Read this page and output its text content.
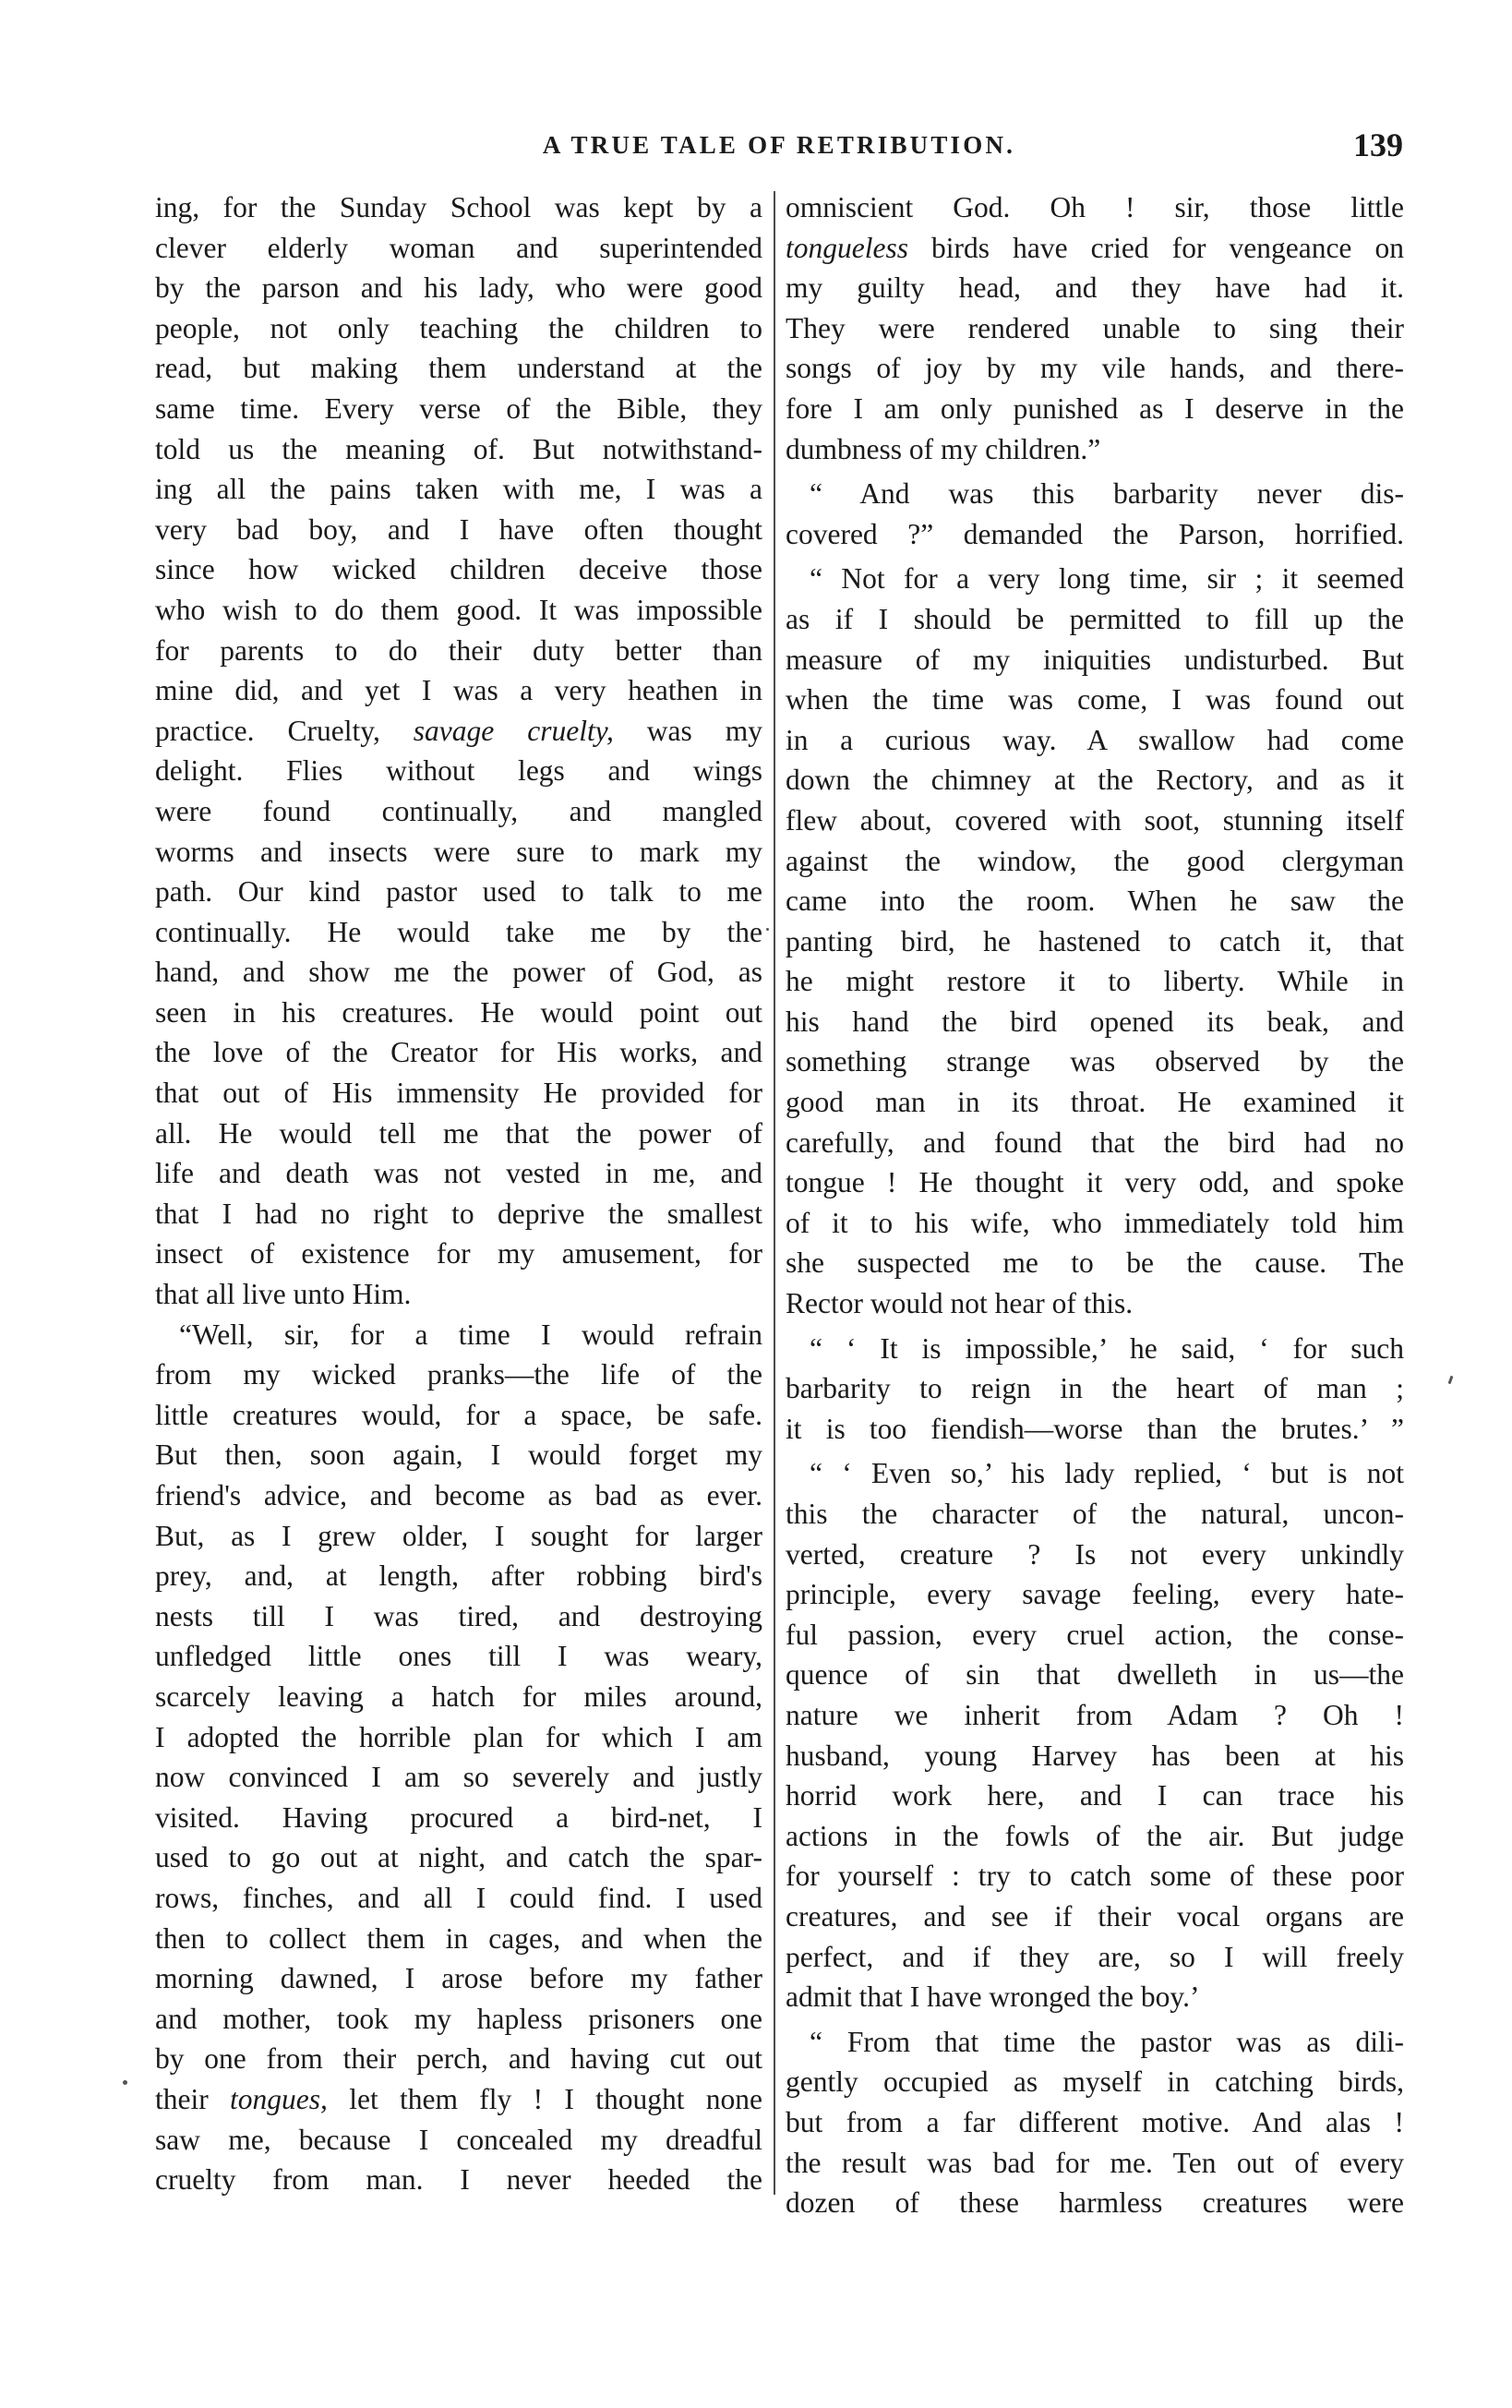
A TRUE TALE OF RETRIBUTION.	139
ing, for the Sunday School was kept by a
clever elderly woman and superintended
by the parson and his lady, who were good
people, not only teaching the children to
read, but making them understand at the
same time. Every verse of the Bible, they
told us the meaning of. But notwithstand-
ing all the pains taken with me, I was a
very bad boy, and I have often thought
since how wicked children deceive those
who wish to do them good. It was impossible
for parents to do their duty better than
mine did, and yet I was a very heathen in
practice. Cruelty, savage cruelty, was my
delight. Flies without legs and wings
were found continually, and mangled
worms and insects were sure to mark my
path. Our kind pastor used to talk to me
continually. He would take me by the
hand, and show me the power of God, as
seen in his creatures. He would point out
the love of the Creator for His works, and
that out of His immensity He provided for
all. He would tell me that the power of
life and death was not vested in me, and
that I had no right to deprive the smallest
insect of existence for my amusement, for
that all live unto Him.
“Well, sir, for a time I would refrain
from my wicked pranks—the life of the
little creatures would, for a space, be safe.
But then, soon again, I would forget my
friend's advice, and become as bad as ever.
But, as I grew older, I sought for larger
prey, and, at length, after robbing bird's
nests till I was tired, and destroying
unfledged little ones till I was weary,
scarcely leaving a hatch for miles around,
I adopted the horrible plan for which I am
now convinced I am so severely and justly
visited. Having procured a bird-net, I
used to go out at night, and catch the spar-
rows, finches, and all I could find. I used
then to collect them in cages, and when the
morning dawned, I arose before my father
and mother, took my hapless prisoners one
by one from their perch, and having cut out
their tongues, let them fly ! I thought none
saw me, because I concealed my dreadful
cruelty from man. I never heeded the
omniscient God. Oh ! sir, those little
tongueless birds have cried for vengeance on
my guilty head, and they have had it.
They were rendered unable to sing their
songs of joy by my vile hands, and there-
fore I am only punished as I deserve in the
dumbness of my children.”
“ And was this barbarity never dis-
covered ?” demanded the Parson, horrified.
“ Not for a very long time, sir ; it seemed
as if I should be permitted to fill up the
measure of my iniquities undisturbed. But
when the time was come, I was found out
in a curious way. A swallow had come
down the chimney at the Rectory, and as it
flew about, covered with soot, stunning itself
against the window, the good clergyman
came into the room. When he saw the
panting bird, he hastened to catch it, that
he might restore it to liberty. While in
his hand the bird opened its beak, and
something strange was observed by the
good man in its throat. He examined it
carefully, and found that the bird had no
tongue ! He thought it very odd, and spoke
of it to his wife, who immediately told him
she suspected me to be the cause. The
Rector would not hear of this.
“ ‘ It is impossible,’ he said, ‘ for such
barbarity to reign in the heart of man ;
it is too fiendish—worse than the brutes.’ ”
“ ‘ Even so,’ his lady replied, ‘ but is not
this the character of the natural, uncon-
verted, creature ? Is not every unkindly
principle, every savage feeling, every hate-
ful passion, every cruel action, the conse-
quence of sin that dwelleth in us—the
nature we inherit from Adam ? Oh !
husband, young Harvey has been at his
horrid work here, and I can trace his
actions in the fowls of the air. But judge
for yourself : try to catch some of these poor
creatures, and see if their vocal organs are
perfect, and if they are, so I will freely
admit that I have wronged the boy.’
“ From that time the pastor was as dili-
gently occupied as myself in catching birds,
but from a far different motive. And alas !
the result was bad for me. Ten out of every
dozen of these harmless creatures were
